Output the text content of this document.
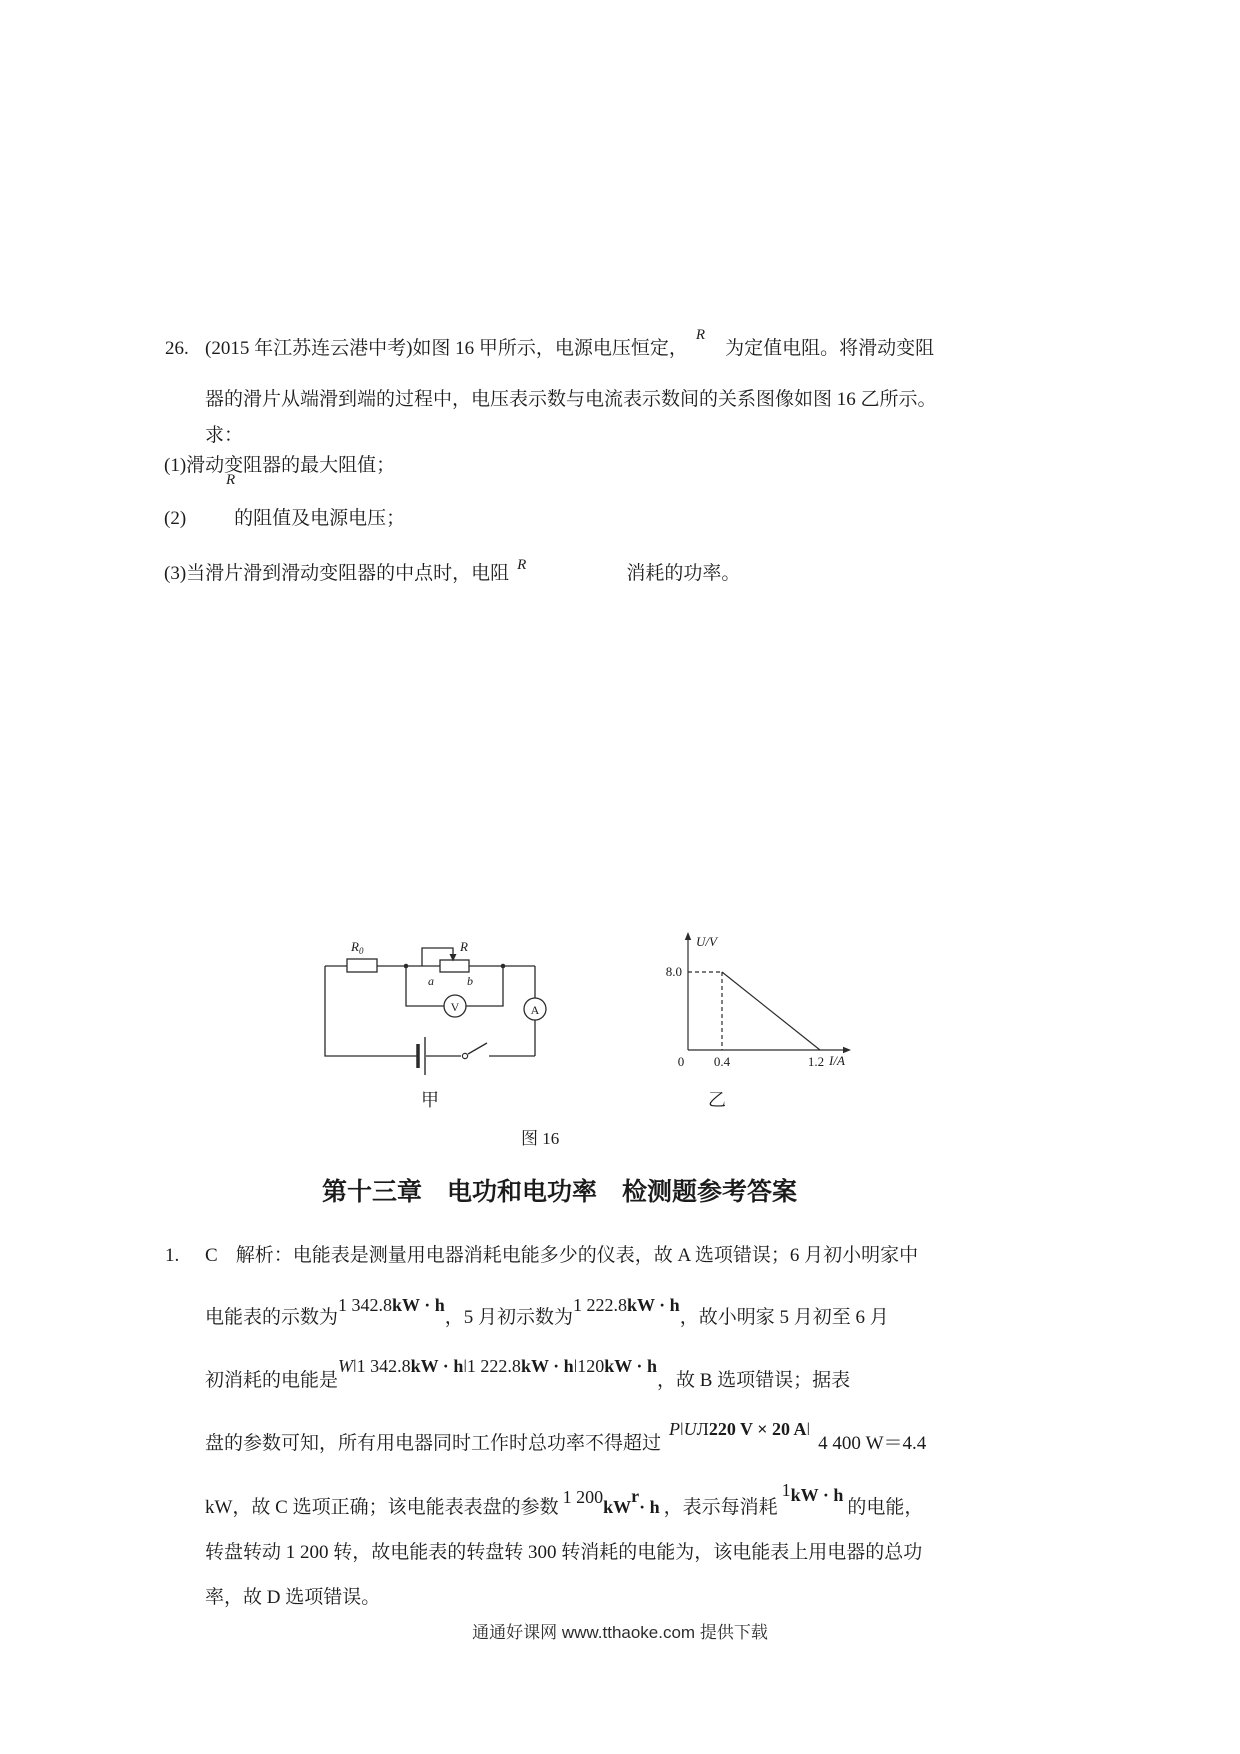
26. (2015 年江苏连云港中考)如图 16 甲所示，电源电压恒定，$^R$为定值电阻。将滑动变阻
器的滑片从端滑到端的过程中，电压表示数与电流表示数间的关系图像如图 16 乙所示。
求：
(1)滑动变阻器的最大阻值；
R
(2)	的阻值及电源电压；
(3)当滑片滑到滑动变阻器的中点时，电阻 $^R$	消耗的功率。
$R_0$	R
a	b
V	A
甲
U/V
8.0
0 0.4	1.2 I/A
乙
图 16
第十三章　电功和电功率　检测题参考答案
1. C 解析：电能表是测量用电器消耗电能多少的仪表，故 A 选项错误；6 月初小明家中
电能表的示数为1 342.8kW · h，5 月初示数为1 222.8kW · h，故小明家 5 月初至 6 月
初消耗的电能是Wǀ1 342.8kW · hǀ1 222.8kW · hǀ120kW · h，故 B 选项错误；据表
盘的参数可知，所有用电器同时工作时总功率不得超过PǀUЛ220 V × 20 Aǀ4 400 W＝4.4
kW，故 C 选项正确；该电能表表盘的参数 1 200kWr· h ，表示每消耗1kW · h的电能，
转盘转动 1 200 转，故电能表的转盘转 300 转消耗的电能为，该电能表上用电器的总功
率，故 D 选项错误。
通通好课网 www.tthaoke.com 提供下载
